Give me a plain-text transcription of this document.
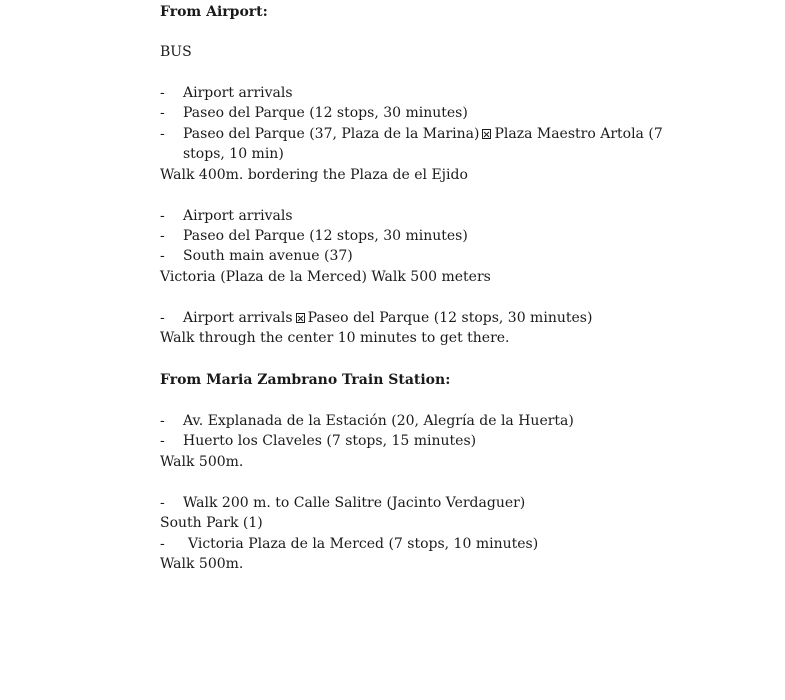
From Airport:
BUS
- Airport arrivals
- Paseo del Parque (12 stops, 30 minutes)
- Paseo del Parque (37, Plaza de la Marina) Plaza Maestro Artola (7
stops, 10 min)
Walk 400m. bordering the Plaza de el Ejido
- Airport arrivals
- Paseo del Parque (12 stops, 30 minutes)
- South main avenue (37)
Victoria (Plaza de la Merced) Walk 500 meters
- Airport arrivals Paseo del Parque (12 stops, 30 minutes)
Walk through the center 10 minutes to get there.
From Maria Zambrano Train Station:
- Av. Explanada de la Estación (20, Alegría de la Huerta)
- Huerto los Claveles (7 stops, 15 minutes)
Walk 500m.
- Walk 200 m. to Calle Salitre (Jacinto Verdaguer)
South Park (1)
- Victoria Plaza de la Merced (7 stops, 10 minutes)
Walk 500m.
